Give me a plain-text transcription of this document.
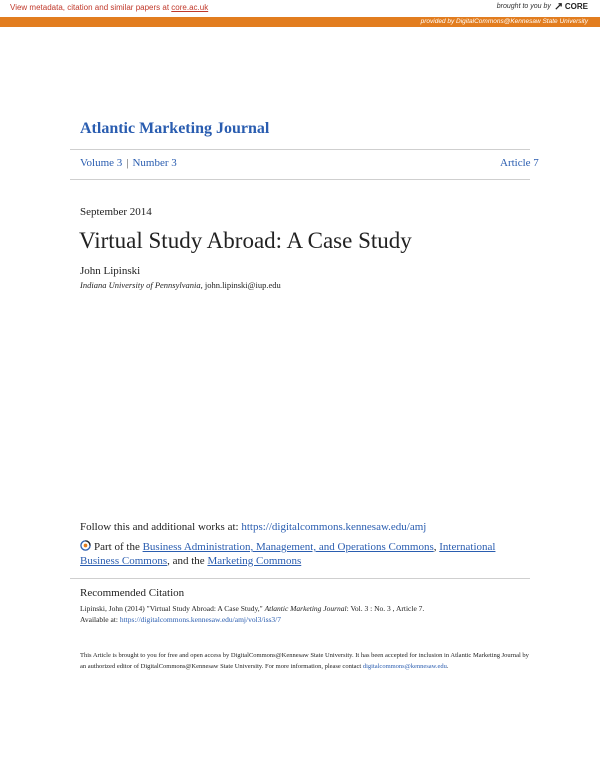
View metadata, citation and similar papers at core.ac.uk	brought to you by CORE
provided by DigitalCommons@Kennesaw State University
Atlantic Marketing Journal
Volume 3 | Number 3	Article 7
September 2014
Virtual Study Abroad: A Case Study
John Lipinski
Indiana University of Pennsylvania, john.lipinski@iup.edu
Follow this and additional works at: https://digitalcommons.kennesaw.edu/amj
Part of the Business Administration, Management, and Operations Commons, International Business Commons, and the Marketing Commons
Recommended Citation
Lipinski, John (2014) "Virtual Study Abroad: A Case Study," Atlantic Marketing Journal: Vol. 3 : No. 3 , Article 7.
Available at: https://digitalcommons.kennesaw.edu/amj/vol3/iss3/7
This Article is brought to you for free and open access by DigitalCommons@Kennesaw State University. It has been accepted for inclusion in Atlantic Marketing Journal by an authorized editor of DigitalCommons@Kennesaw State University. For more information, please contact digitalcommons@kennesaw.edu.
